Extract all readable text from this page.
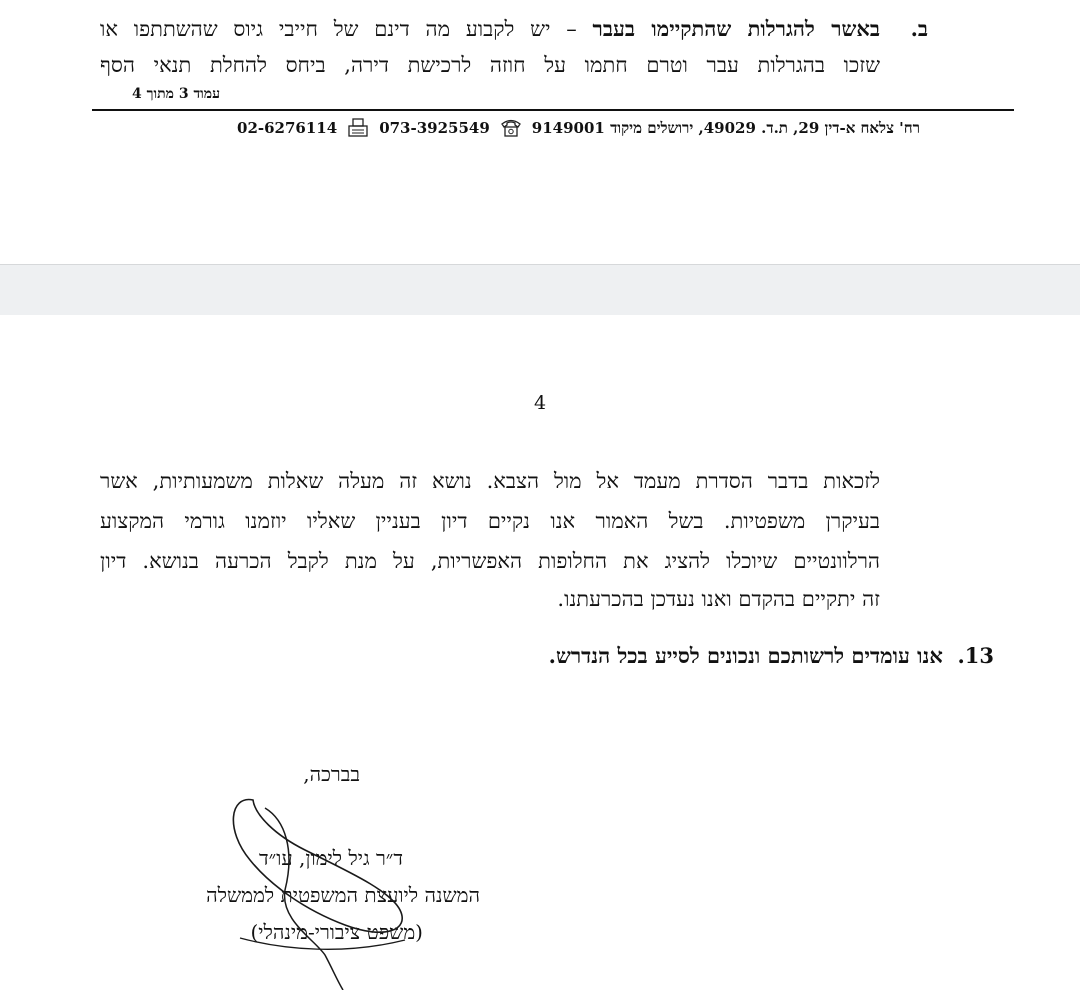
ב.
באשר להגרלות שהתקיימו בעבר – יש לקבוע מה דינם של חייבי גיוס שהשתתפו או
שזכו בהגרלות עבר וטרם חתמו על חוזה לרכישת דירה, ביחס להחלת תנאי הסף
עמוד 3 מתוך 4
רח' צלאח א-דין 29, ת.ד. 49029, ירושלים מיקוד 9149001
073-3925549
02-6276114
4
לזכאות בדבר הסדרת מעמד אל מול הצבא. נושא זה מעלה שאלות משמעותיות, אשר
בעיקרן משפטיות. בשל האמור אנו נקיים דיון בעניין שאליו יוזמנו גורמי המקצוע
הרלוונטיים שיוכלו להציג את החלופות האפשריות, על מנת לקבל הכרעה בנושא. דיון
זה יתקיים בהקדם ואנו נעדכן בהכרעתנו.
13.  אנו עומדים לרשותכם ונכונים לסייע בכל הנדרש.
בברכה,
ד״ר גיל לימון, עו״ד
המשנה ליועצת המשפטית לממשלה
(משפט ציבורי-מינהלי)
